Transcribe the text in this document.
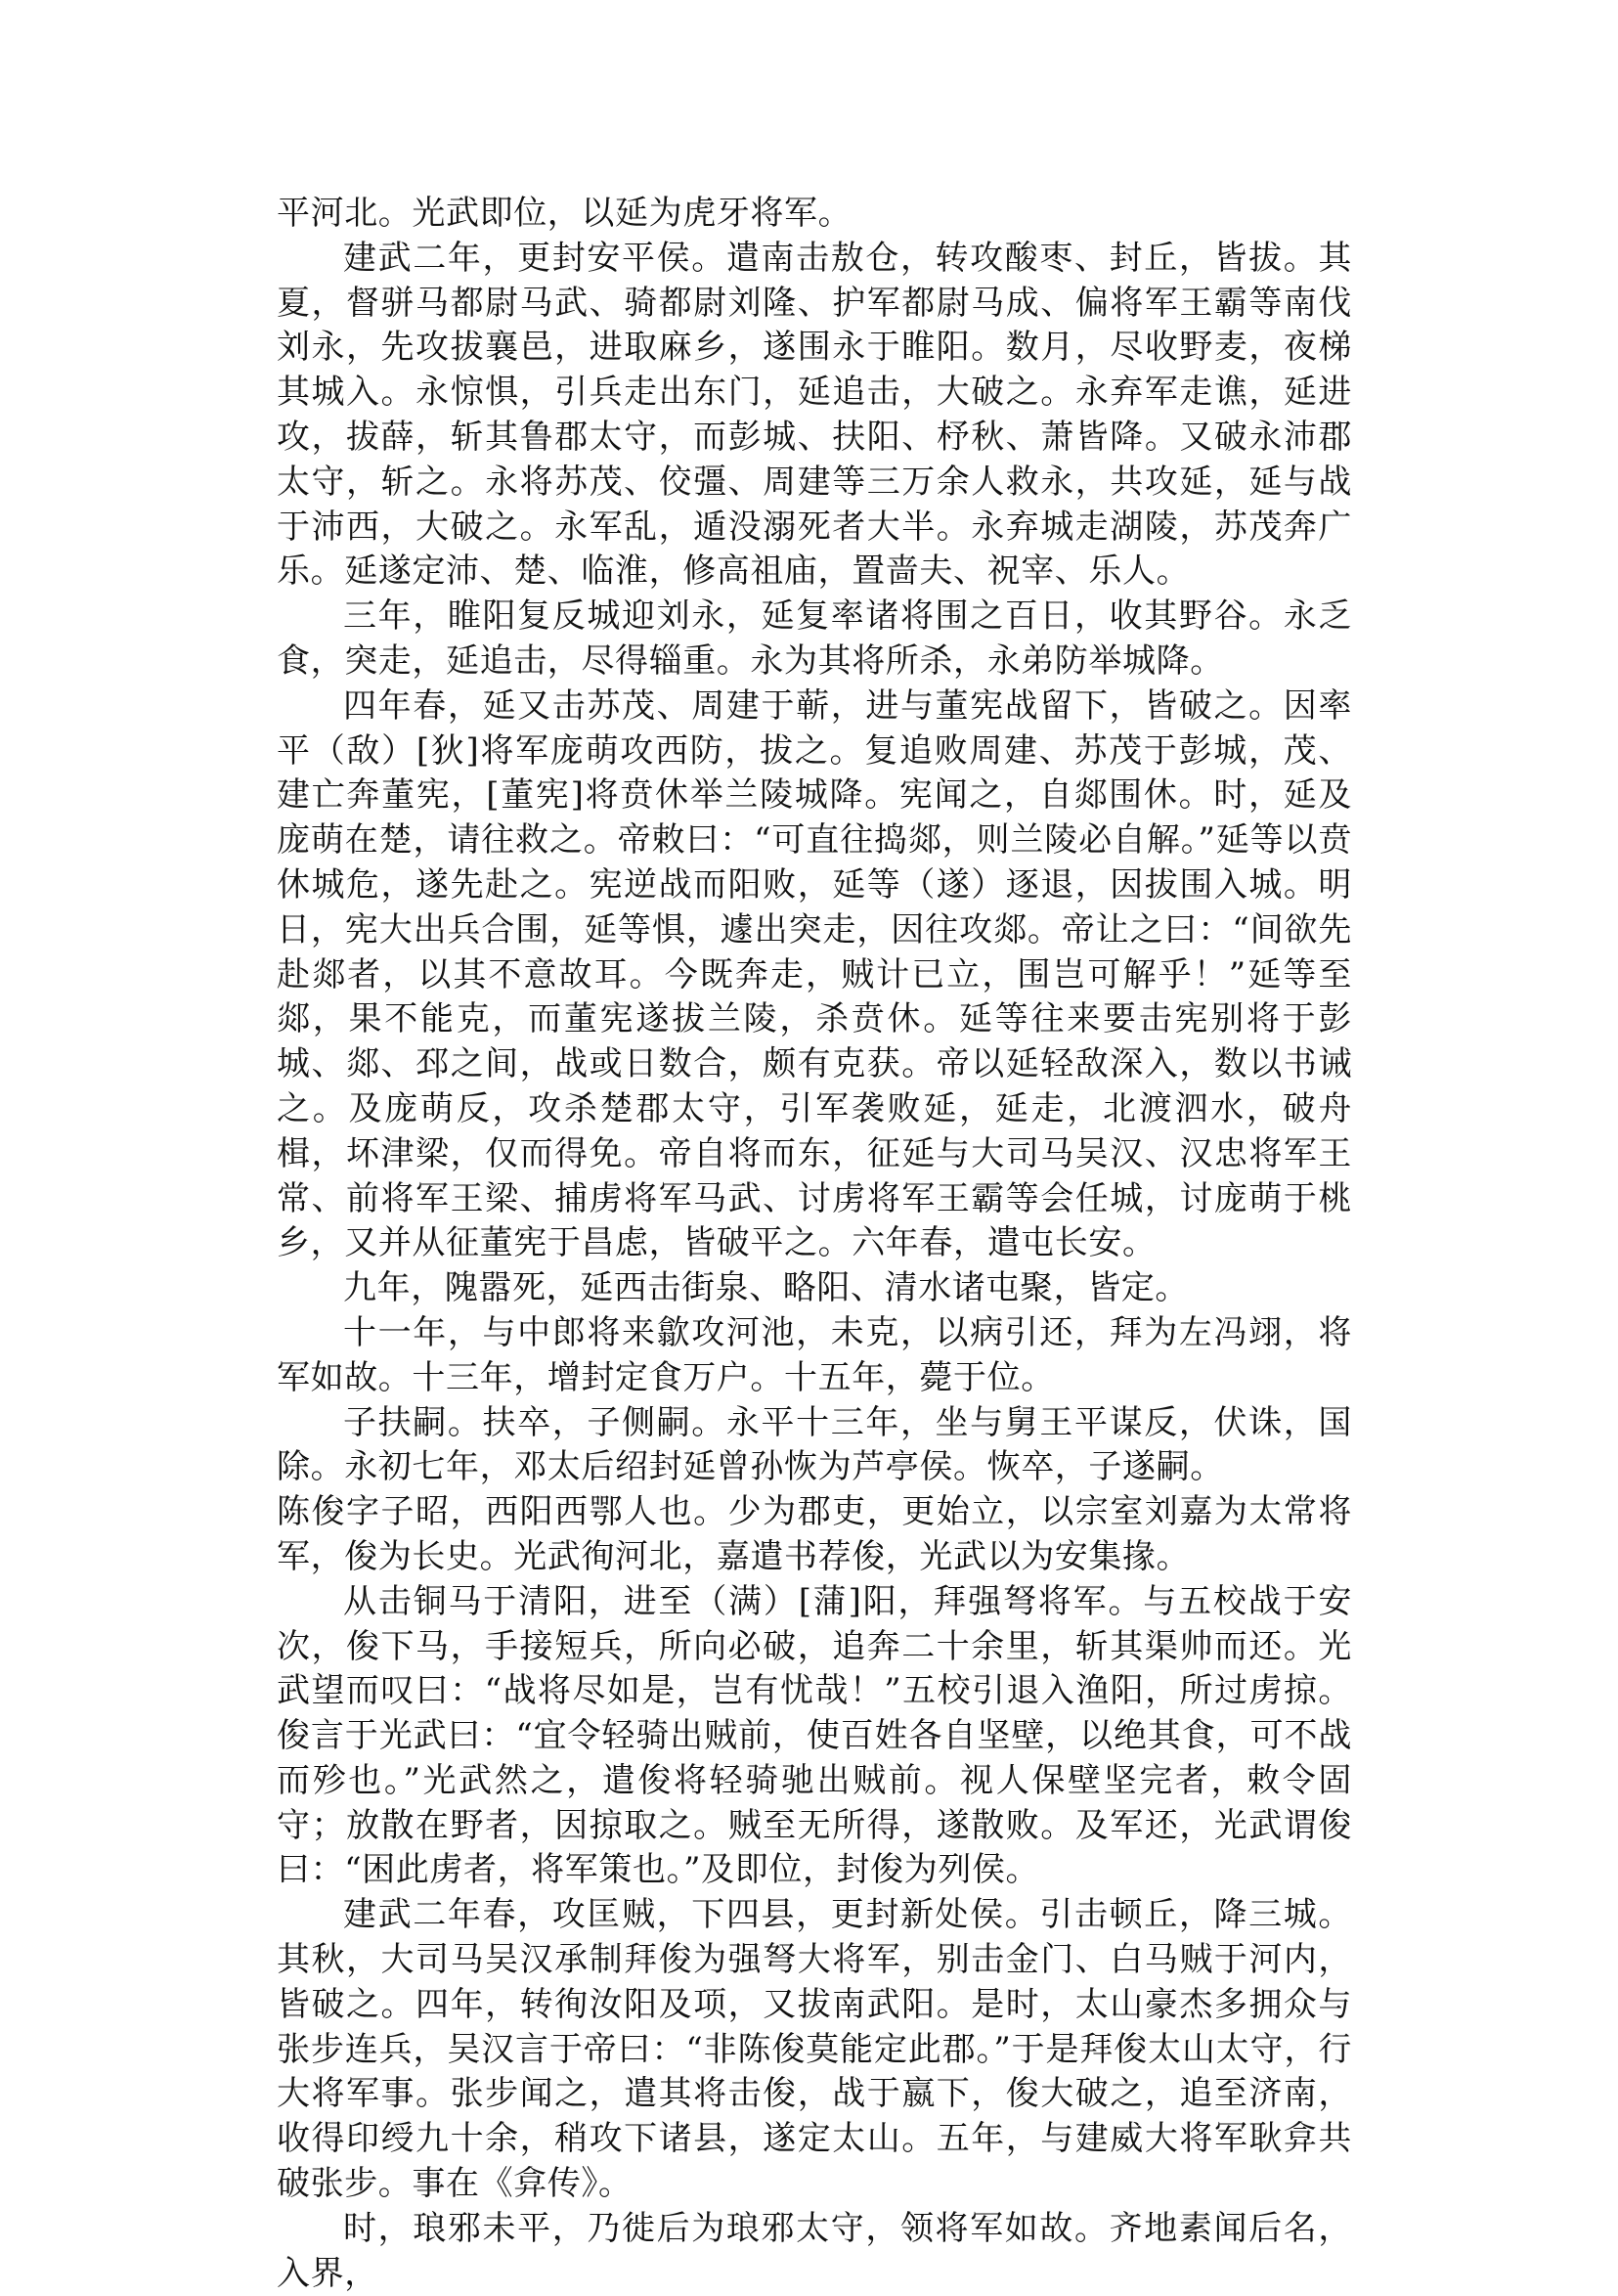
平河北。光武即位，以延为虎牙将军。

建武二年，更封安平侯。遣南击敖仓，转攻酸枣、封丘，皆拔。其夏，督骈马都尉马武、骑都尉刘隆、护军都尉马成、偏将军王霸等南伐刘永，先攻拔襄邑，进取麻乡，遂围永于睢阳。数月，尽收野麦，夜梯其城入。永惊惧，引兵走出东门，延追击，大破之。永弃军走谯，延进攻，拔薛，斩其鲁郡太守，而彭城、扶阳、杼秋、萧皆降。又破永沛郡太守，斩之。永将苏茂、佼彊、周建等三万余人救永，共攻延，延与战于沛西，大破之。永军乱，遁没溺死者大半。永弃城走湖陵，苏茂奔广乐。延遂定沛、楚、临淮，修高祖庙，置啬夫、祝宰、乐人。

三年，睢阳复反城迎刘永，延复率诸将围之百日，收其野谷。永乏食，突走，延追击，尽得辎重。永为其将所杀，永弟防举城降。

四年春，延又击苏茂、周建于蕲，进与董宪战留下，皆破之。因率平（敌）[狄]将军庞萌攻西防，拔之。复追败周建、苏茂于彭城，茂、建亡奔董宪，[董宪]将贲休举兰陵城降。宪闻之，自郯围休。时，延及庞萌在楚，请往救之。帝敕曰：“可直往捣郯，则兰陵必自解。”延等以贲休城危，遂先赴之。宪逆战而阳败，延等（遂）逐退，因拔围入城。明日，宪大出兵合围，延等惧，遽出突走，因往攻郯。帝让之曰：“间欲先赴郯者，以其不意故耳。今既奔走，贼计已立，围岂可解乎！”延等至郯，果不能克，而董宪遂拔兰陵，杀贲休。延等往来要击宪别将于彭城、郯、邳之间，战或日数合，颇有克获。帝以延轻敌深入，数以书诫之。及庞萌反，攻杀楚郡太守，引军袭败延，延走，北渡泗水，破舟楫，坏津梁，仅而得免。帝自将而东，征延与大司马吴汉、汉忠将军王常、前将军王梁、捕虏将军马武、讨虏将军王霸等会任城，讨庞萌于桃乡，又并从征董宪于昌虑，皆破平之。六年春，遣屯长安。

九年，隗嚣死，延西击街泉、略阳、清水诸屯聚，皆定。

十一年，与中郎将来歙攻河池，未克，以病引还，拜为左冯翊，将军如故。十三年，增封定食万户。十五年，薨于位。

子扶嗣。扶卒，子侧嗣。永平十三年，坐与舅王平谋反，伏诛，国除。永初七年，邓太后绍封延曾孙恢为芦亭侯。恢卒，子遂嗣。

陈俊字子昭，西阳西鄂人也。少为郡吏，更始立，以宗室刘嘉为太常将军，俊为长史。光武徇河北，嘉遣书荐俊，光武以为安集掾。

从击铜马于清阳，进至（满）[蒲]阳，拜强弩将军。与五校战于安次，俊下马，手接短兵，所向必破，追奔二十余里，斩其渠帅而还。光武望而叹曰：“战将尽如是，岂有忧哉！”五校引退入渔阳，所过虏掠。俊言于光武曰：“宜令轻骑出贼前，使百姓各自坚壁，以绝其食，可不战而殄也。”光武然之，遣俊将轻骑驰出贼前。视人保壁坚完者，敕令固守；放散在野者，因掠取之。贼至无所得，遂散败。及军还，光武谓俊曰：“困此虏者，将军策也。”及即位，封俊为列侯。

建武二年春，攻匡贼，下四县，更封新处侯。引击顿丘，降三城。其秋，大司马吴汉承制拜俊为强弩大将军，别击金门、白马贼于河内，皆破之。四年，转徇汝阳及项，又拔南武阳。是时，太山豪杰多拥众与张步连兵，吴汉言于帝曰：“非陈俊莫能定此郡。”于是拜俊太山太守，行大将军事。张步闻之，遣其将击俊，战于嬴下，俊大破之，追至济南，收得印绶九十余，稍攻下诸县，遂定太山。五年，与建威大将军耿弇共破张步。事在《弇传》。

时，琅邪未平，乃徙后为琅邪太守，领将军如故。齐地素闻后名，入界，
